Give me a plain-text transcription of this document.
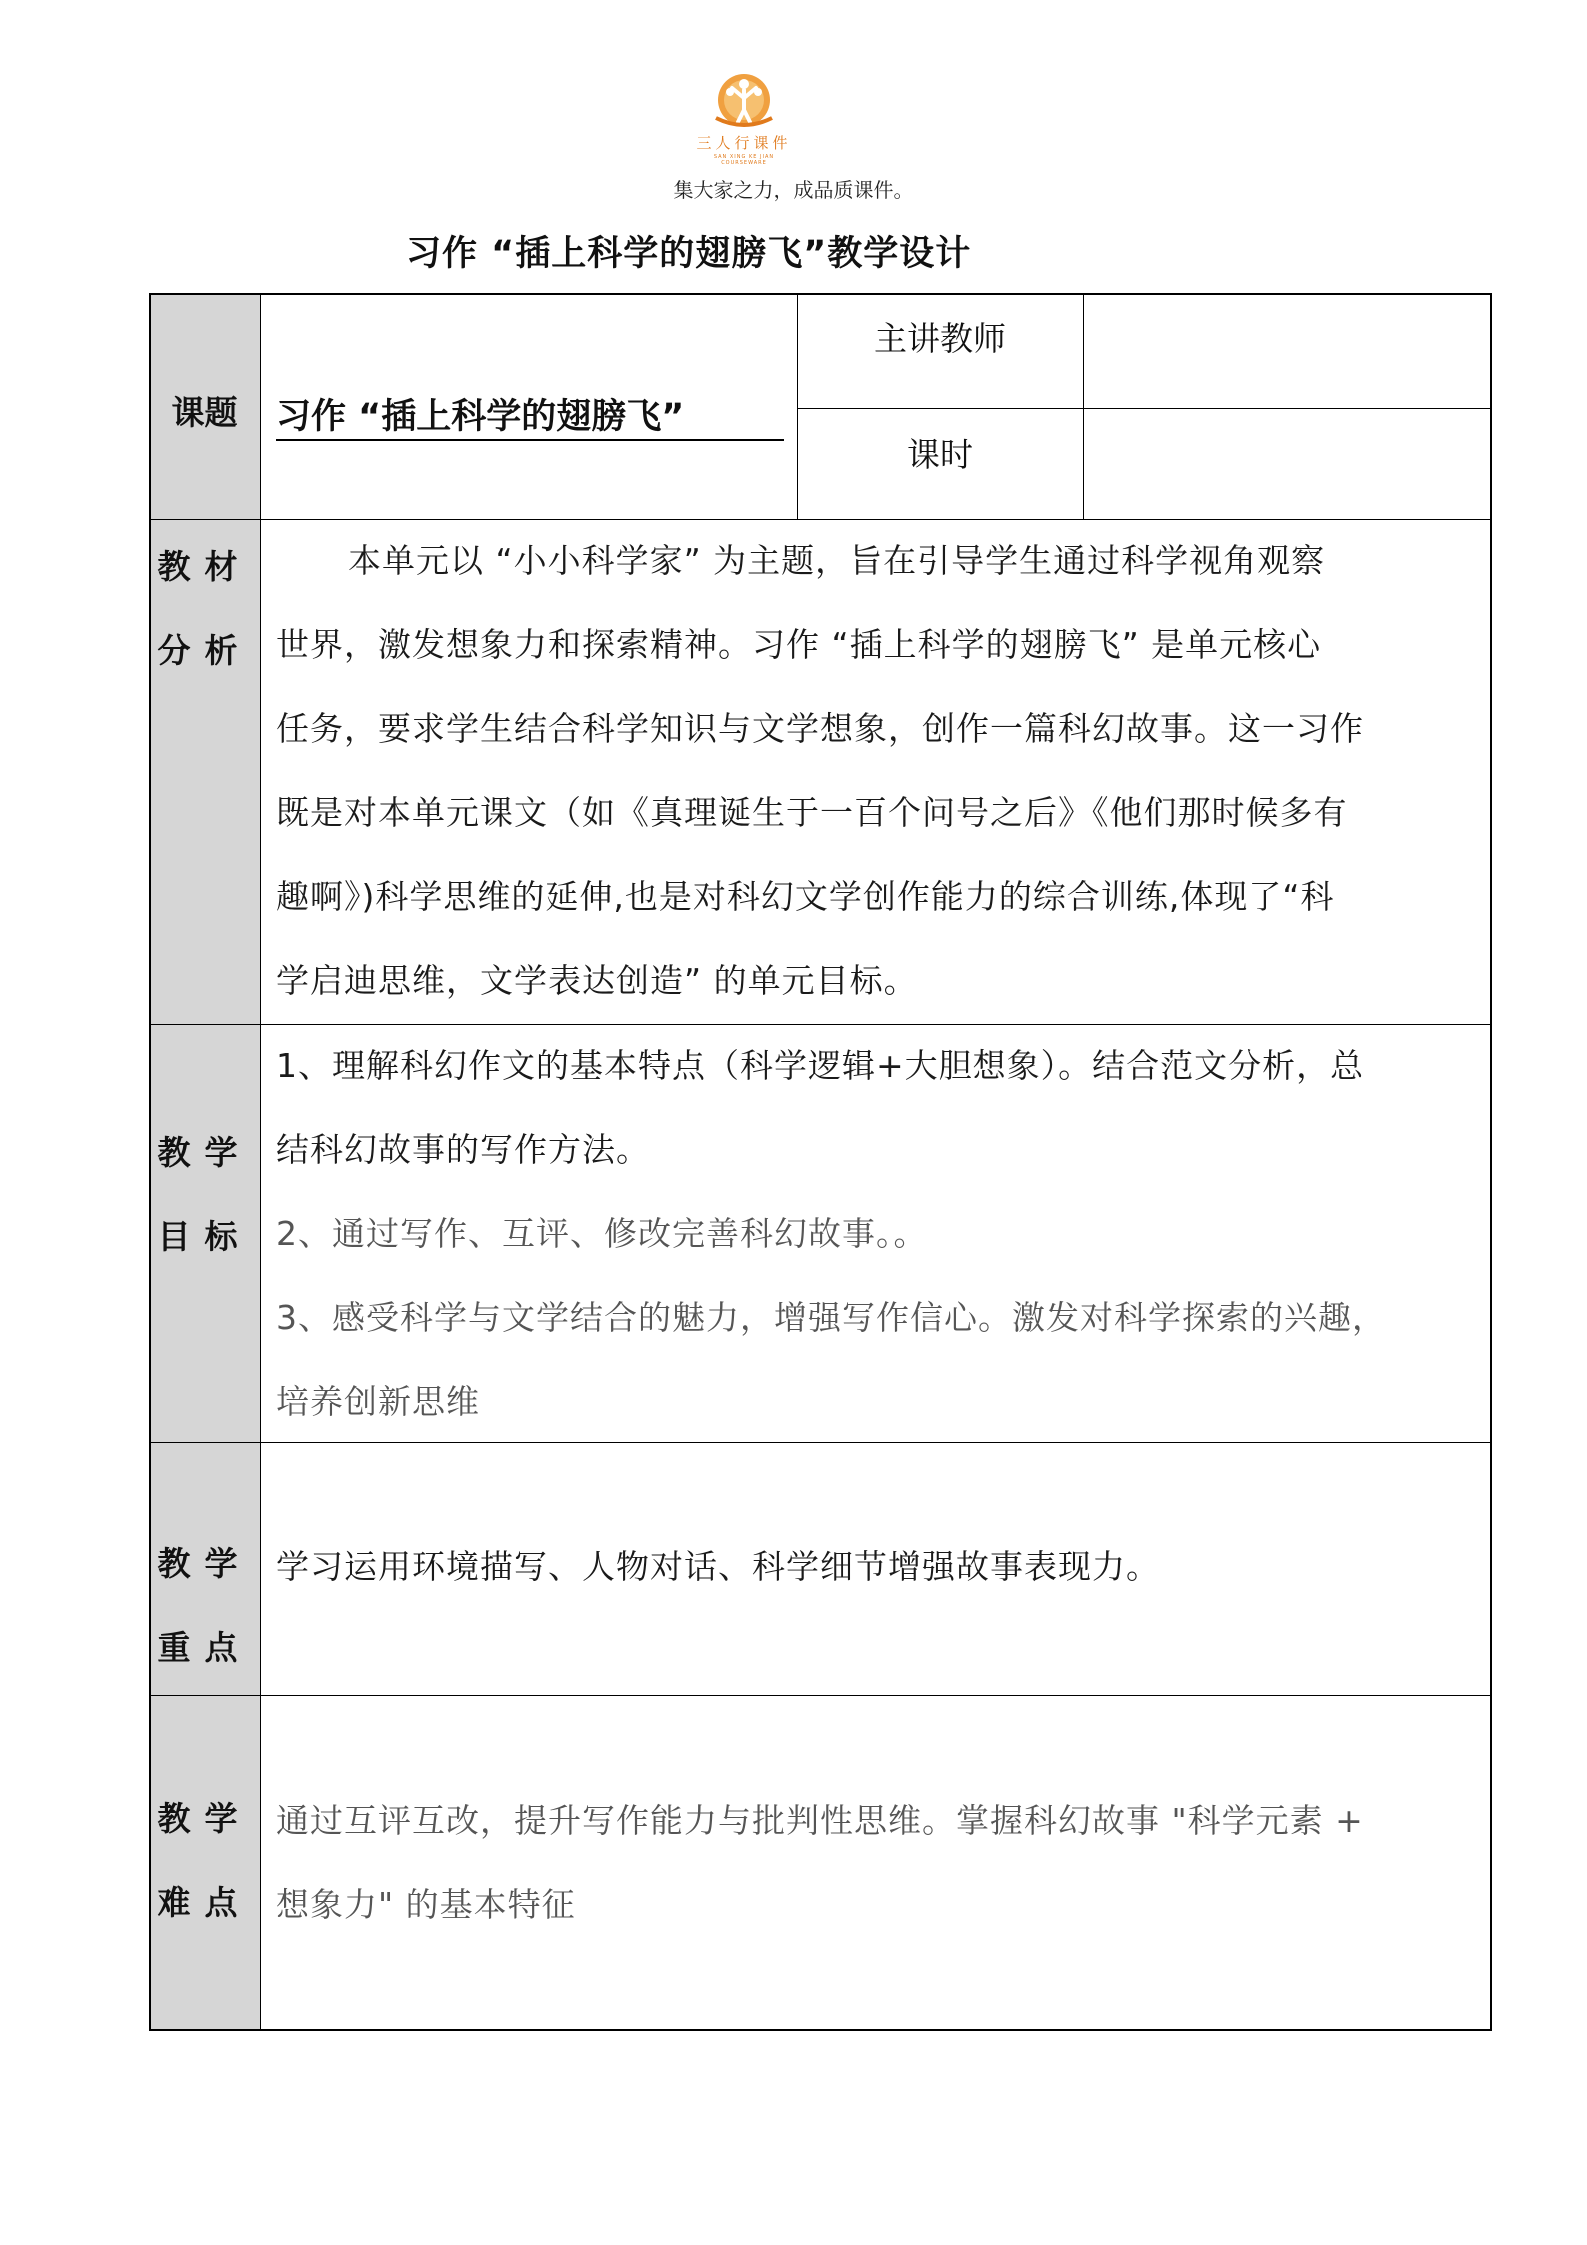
三人行课件
SAN XING KE JIAN COURSEWARE
集大家之力，成品质课件。
习作 “插上科学的翅膀飞”教学设计
课题
教材
分析
教学
目标
教学
重点
教学
难点
习作 “插上科学的翅膀飞”
主讲教师
课时
本单元以 “小小科学家” 为主题，旨在引导学生通过科学视角观察
世界，激发想象力和探索精神。习作 “插上科学的翅膀飞” 是单元核心
任务，要求学生结合科学知识与文学想象，创作一篇科幻故事。这一习作
既是对本单元课文（如《真理诞生于一百个问号之后》《他们那时候多有
趣啊》)科学思维的延伸,也是对科幻文学创作能力的综合训练,体现了“科
学启迪思维，文学表达创造” 的单元目标。
1、理解科幻作文的基本特点（科学逻辑+大胆想象）。结合范文分析，总
结科幻故事的写作方法。
2、通过写作、互评、修改完善科幻故事。。
3、感受科学与文学结合的魅力，增强写作信心。激发对科学探索的兴趣，
培养创新思维
学习运用环境描写、人物对话、科学细节增强故事表现力。
通过互评互改，提升写作能力与批判性思维。掌握科幻故事 "科学元素 +
想象力" 的基本特征
